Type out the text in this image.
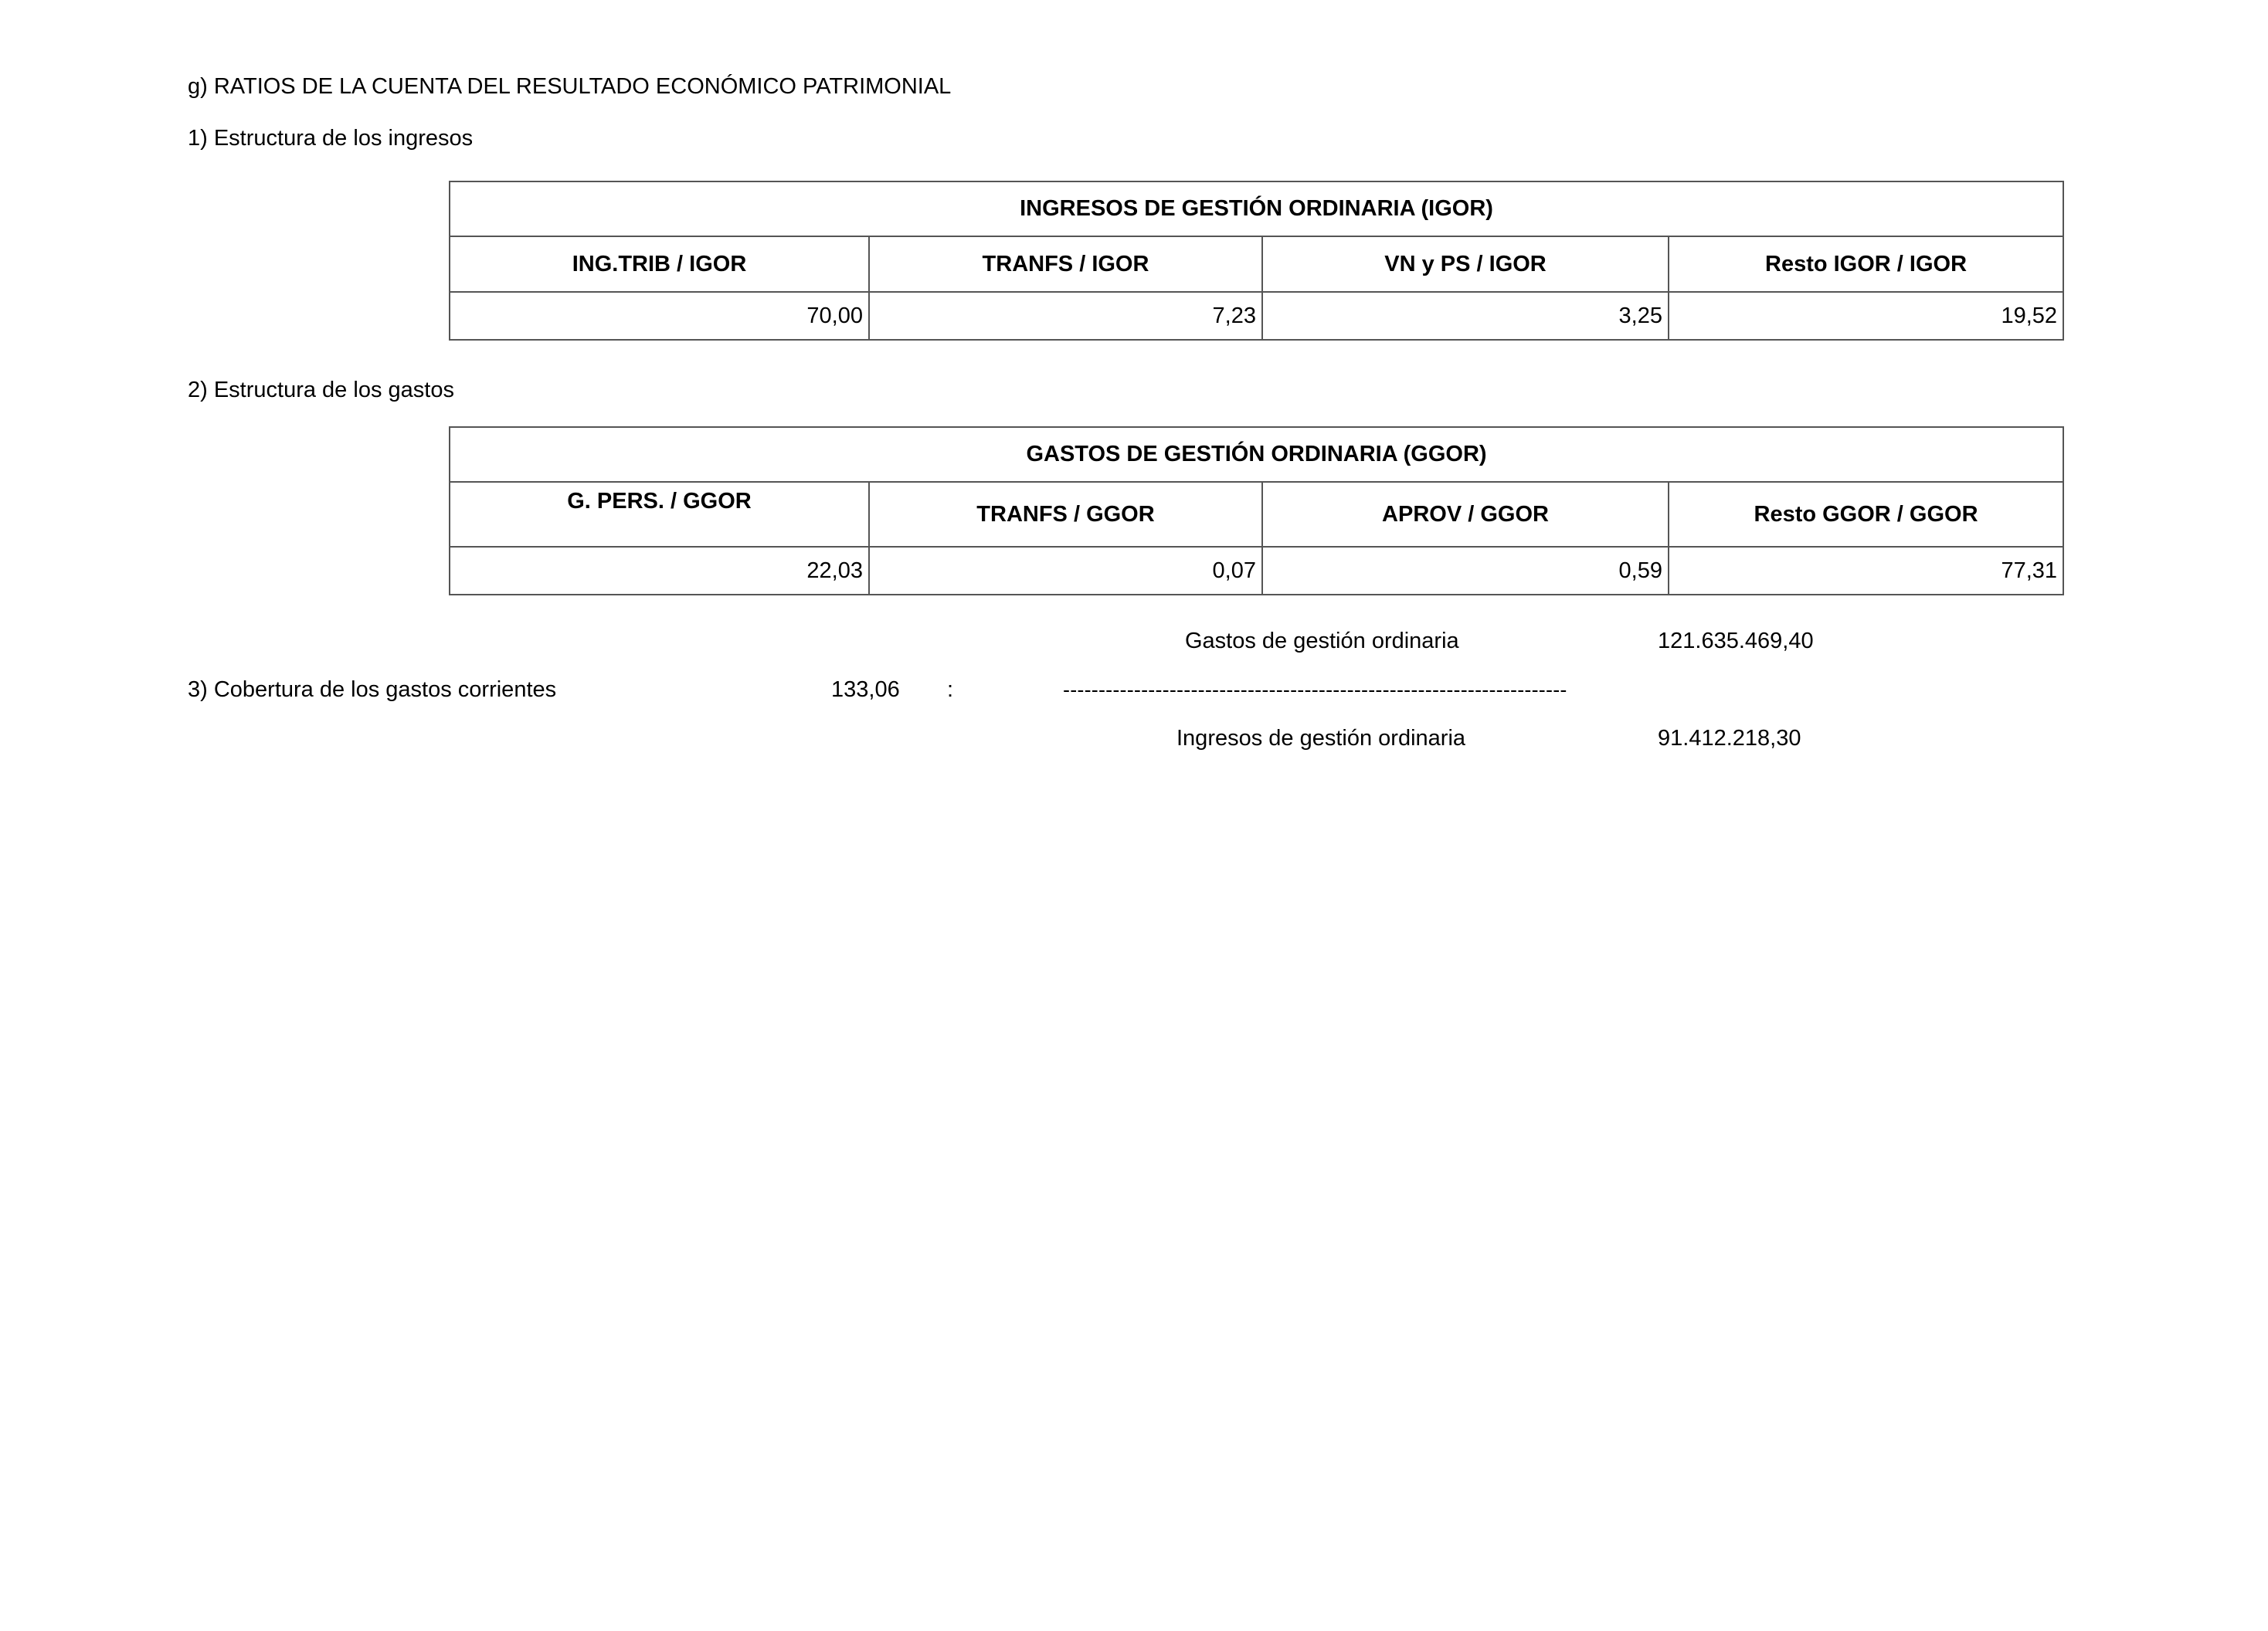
g) RATIOS DE LA CUENTA DEL RESULTADO ECONÓMICO PATRIMONIAL
1) Estructura de los ingresos
INGRESOS DE GESTIÓN ORDINARIA (IGOR)			
ING.TRIB / IGOR	TRANFS / IGOR	VN y PS / IGOR	Resto IGOR / IGOR
70,00	7,23	3,25	19,52
2) Estructura de los gastos
GASTOS DE GESTIÓN ORDINARIA (GGOR)			
G. PERS. / GGOR	TRANFS / GGOR	APROV / GGOR	Resto GGOR / GGOR
22,03	0,07	0,59	77,31
Gastos de gestión ordinaria	121.635.469,40
3) Cobertura de los gastos corrientes	133,06 :	-----------------------------------------------------------------------
Ingresos de gestión ordinaria	91.412.218,30
